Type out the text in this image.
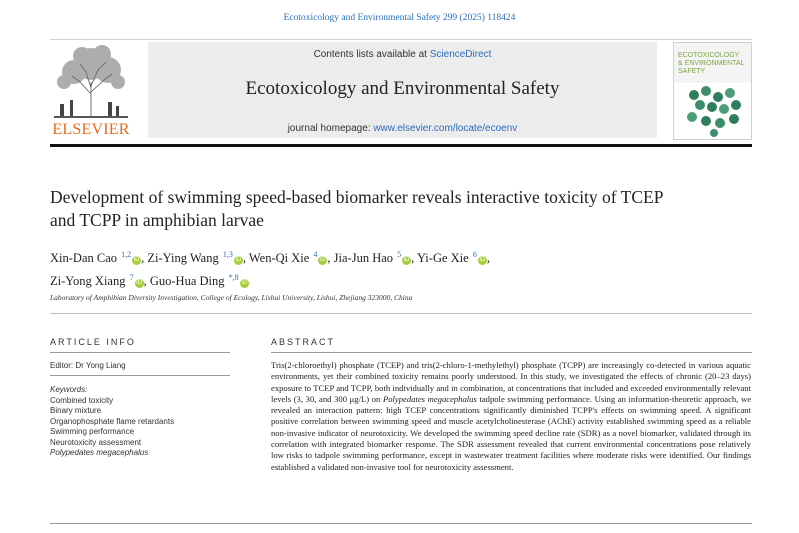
Ecotoxicology and Environmental Safety 299 (2025) 118424
ELSEVIER
Contents lists available at ScienceDirect
Ecotoxicology and Environmental Safety
journal homepage: www.elsevier.com/locate/ecoenv
ECOTOXICOLOGY
& ENVIRONMENTAL
SAFETY
Development of swimming speed-based biomarker reveals interactive toxicity of TCEP and TCPP in amphibian larvae
Xin-Dan Cao $^{1,2}$iD , Zi-Ying Wang $^{1,3}$iD , Wen-Qi Xie $^4$iD , Jia-Jun Hao $^5$iD , Yi-Ge Xie $^6$iD ,
Zi-Yong Xiang $^7$iD , Guo-Hua Ding $^{*,8}$iD
Laboratory of Amphibian Diversity Investigation, College of Ecology, Lishui University, Lishui, Zhejiang 323000, China
ARTICLE INFO
Editor: Dr Yong Liang
Keywords:
Combined toxicity
Binary mixture
Organophosphate flame retardants
Swimming performance
Neurotoxicity assessment
Polypedates megacephalus
ABSTRACT
Tris(2-chloroethyl) phosphate (TCEP) and tris(2-chloro-1-methylethyl) phosphate (TCPP) are increasingly co-detected in various aquatic environments, yet their combined toxicity remains poorly understood. In this study, we investigated the effects of chronic (20–23 days) exposure to TCEP and TCPP, both individually and in combination, at concentrations that included and exceeded environmentally relevant levels (3, 30, and 300 μg/L) on Polypedates megacephalus tadpole swimming performance. Using an information-theoretic approach, we revealed an interaction pattern: high TCEP concentrations significantly diminished TCPP's effects on swimming speed. A significant positive correlation between swimming speed and muscle acetylcholinesterase (AChE) activity established swimming speed as a reliable non-invasive indicator of neurotoxicity. We developed the swimming speed decline rate (SDR) as a novel biomarker, validated through its correlation with integrated biomarker response. The SDR assessment revealed that current environmental concentrations pose relatively low risks to tadpole swimming performance, except in wastewater treatment facilities where moderate risks were identified. Our findings established a validated non-invasive tool for neurotoxicity assessment.
